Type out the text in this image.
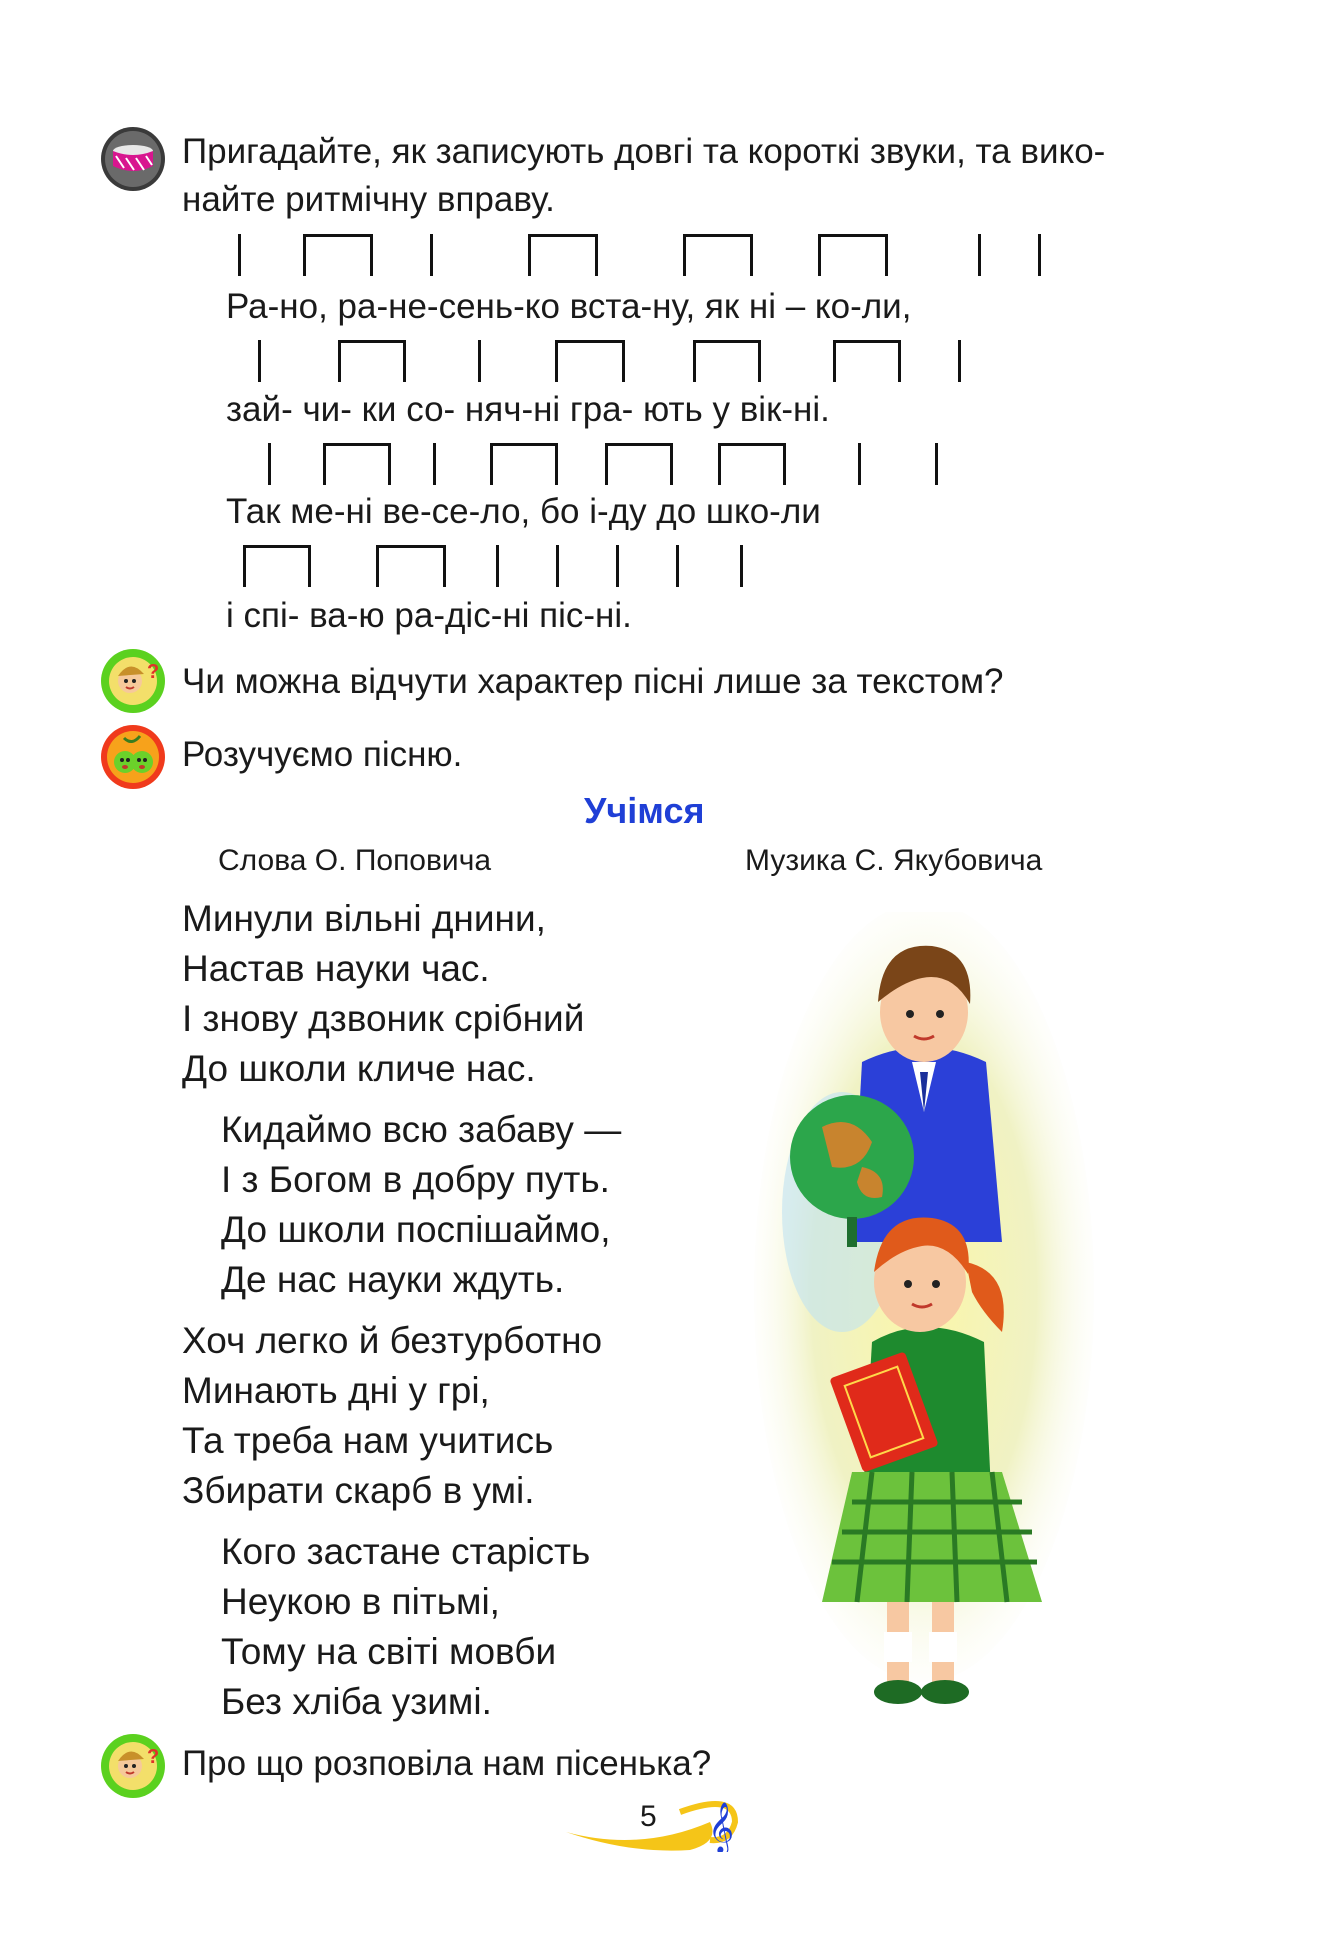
Пригадайте, як записують довгі та короткі звуки, та вико-
найте ритмічну вправу.
Ра-но, ра-не-сень-ко вста-ну, як ні – ко-ли,
зай- чи- ки со- няч-ні гра- ють у вік-ні.
Так ме-ні ве-се-ло, бо і-ду до шко-ли
і спі- ва-ю ра-діс-ні піс-ні.
? Чи можна відчути характер пісні лише за текстом?
Розучуємо пісню.
Учімся
Слова О. Поповича	Музика С. Якубовича
Минули вільні днини,
Настав науки час.
І знову дзвоник срібний
До школи кличе нас.
Кидаймо всю забаву —
І з Богом в добру путь.
До школи поспішаймо,
Де нас науки ждуть.
Хоч легко й безтурботно
Минають дні у грі,
Та треба нам учитись
Збирати скарб в умі.
Кого застане старість
Неукою в пітьмі,
Тому на світі мовби
Без хліба узимі.
? Про що розповіла нам пісенька?
𝄞
5
